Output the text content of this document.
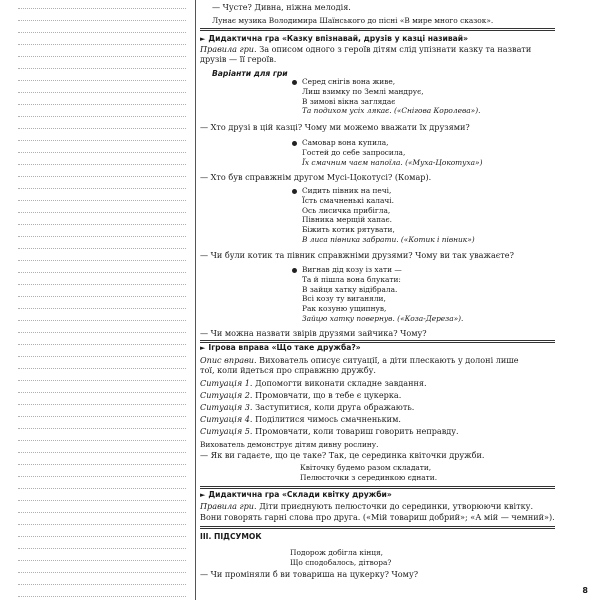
— Чусте? Дивна, ніжна мелодія.
Лунає музика Володимира Шаїнського до пісні «В мире много сказок».
► Дидактична гра «Казку впізнавай, друзів у казці називай»
Правила гри. За описом одного з героїв дітям слід упізнати казку та назвати
друзів — її героїв.
Варіанти для гри
Серед снігів вона живе,
Лиш взимку по Землі мандрує,
В зимові вікна заглядає
Та подихом усіх лякає. («Снігова Королева»).
— Хто друзі в цій казці? Чому ми можемо вважати їх друзями?
Самовар вона купила,
Гостей до себе запросила,
Їх смачним чаєм напоїла. («Муха-Цокотуха»)
— Хто був справжнім другом Мусі-Цокотусі? (Комар).
Сидить півник на печі,
Їсть смачненькі калачі.
Ось лисичка прибігла,
Півника мерщій хапає.
Біжить котик рятувати,
В лиса півника забрати. («Котик і півник»)
— Чи були котик та півник справжніми друзями? Чому ви так уважаєте?
Вигнав дід козу із хати —
Та й пішла вона блукати:
В зайця хатку відібрала.
Всі козу ту виганяли,
Рак козуню ущипнув,
Зайцю хатку повернув. («Коза-Дереза»).
— Чи можна назвати звірів друзями зайчика? Чому?
► Ігрова вправа «Що таке дружба?»
Опис вправи. Вихователь описує ситуації, а діти плескають у долоні лише
тої, коли йдеться про справжню дружбу.
Ситуація 1. Допомогти виконати складне завдання.
Ситуація 2. Промовчати, що в тебе є цукерка.
Ситуація 3. Заступитися, коли друга ображають.
Ситуація 4. Поділитися чимось смачненьким.
Ситуація 5. Промовчати, коли товариш говорить неправду.
Вихователь демонструє дітям дивну рослину.
— Як ви гадаєте, що це таке? Так, це серединка квіточки дружби.
Квіточку будемо разом складати,
Пелюсточки з серединкою єднати.
► Дидактична гра «Склади квітку дружби»
Правила гри. Діти приєднують пелюсточки до серединки, утворюючи квітку.
Вони говорять гарні слова про друга. («Мій товариш добрий»; «А мій — чемний»).
III. ПІДСУМОК
Подорож добігла кінця,
Що сподобалось, дітвора?
— Чи проміняли б ви товариша на цукерку? Чому?
8
